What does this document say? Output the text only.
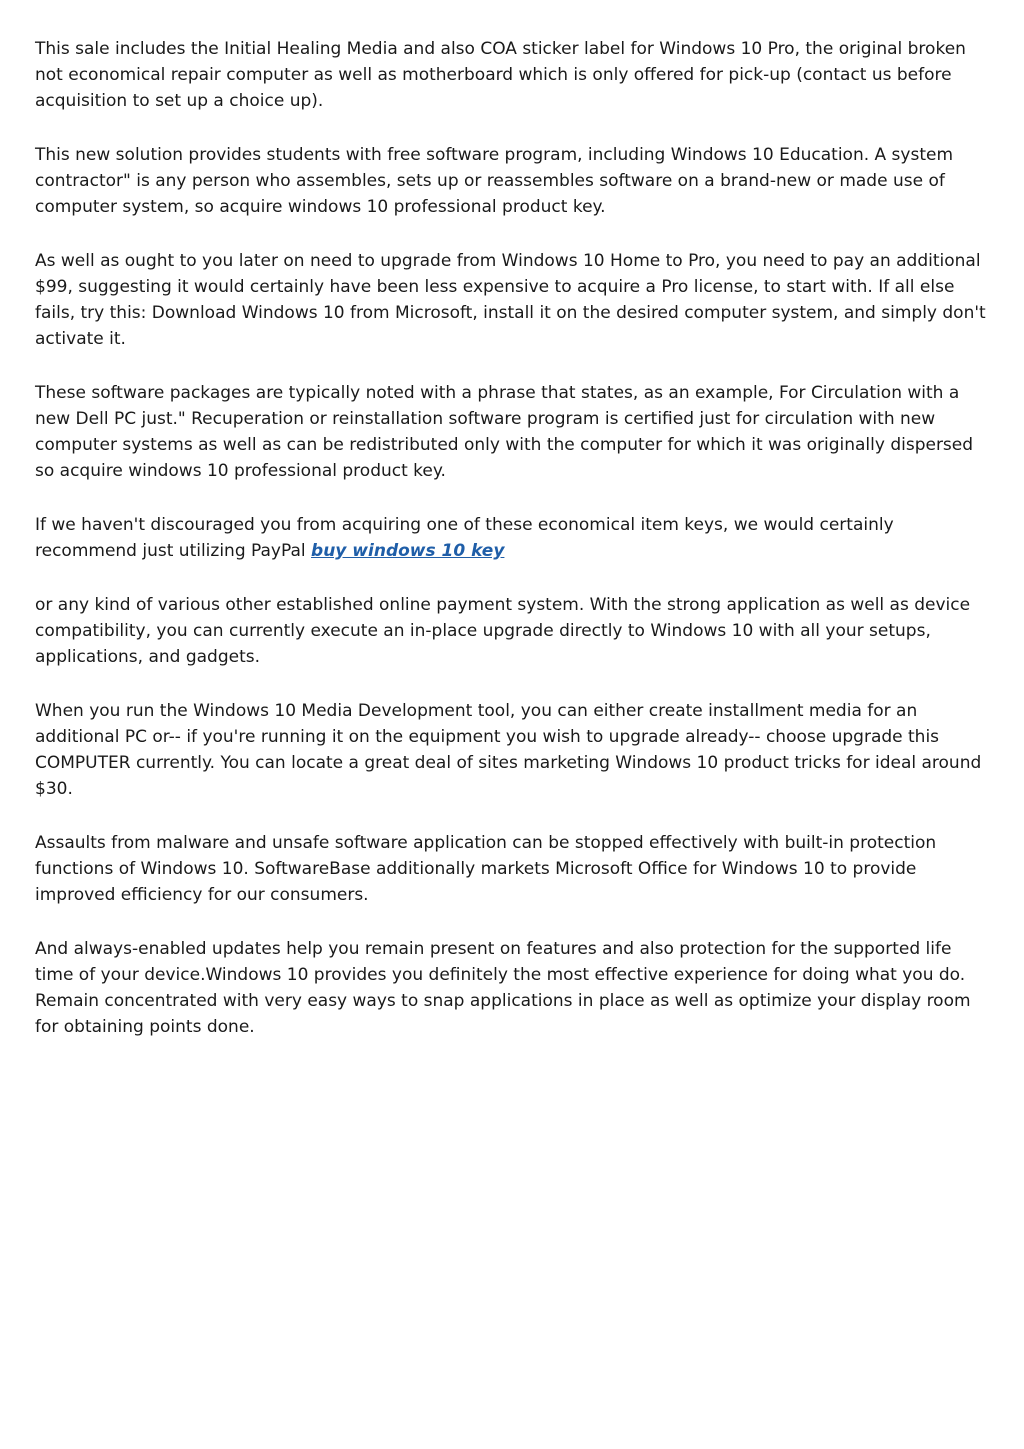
This sale includes the Initial Healing Media and also COA sticker label for Windows 10 Pro, the original broken not economical repair computer as well as motherboard which is only offered for pick-up (contact us before acquisition to set up a choice up).

This new solution provides students with free software program, including Windows 10 Education. A system contractor" is any person who assembles, sets up or reassembles software on a brand-new or made use of computer system, so acquire windows 10 professional product key.

As well as ought to you later on need to upgrade from Windows 10 Home to Pro, you need to pay an additional $99, suggesting it would certainly have been less expensive to acquire a Pro license, to start with. If all else fails, try this: Download Windows 10 from Microsoft, install it on the desired computer system, and simply don't activate it.

These software packages are typically noted with a phrase that states, as an example, For Circulation with a new Dell PC just." Recuperation or reinstallation software program is certified just for circulation with new computer systems as well as can be redistributed only with the computer for which it was originally dispersed so acquire windows 10 professional product key.

If we haven't discouraged you from acquiring one of these economical item keys, we would certainly recommend just utilizing PayPal buy windows 10 key

or any kind of various other established online payment system. With the strong application as well as device compatibility, you can currently execute an in-place upgrade directly to Windows 10 with all your setups, applications, and gadgets.

When you run the Windows 10 Media Development tool, you can either create installment media for an additional PC or-- if you're running it on the equipment you wish to upgrade already-- choose upgrade this COMPUTER currently. You can locate a great deal of sites marketing Windows 10 product tricks for ideal around $30.

Assaults from malware and unsafe software application can be stopped effectively with built-in protection functions of Windows 10. SoftwareBase additionally markets Microsoft Office for Windows 10 to provide improved efficiency for our consumers.

And always-enabled updates help you remain present on features and also protection for the supported life time of your device.Windows 10 provides you definitely the most effective experience for doing what you do. Remain concentrated with very easy ways to snap applications in place as well as optimize your display room for obtaining points done.
